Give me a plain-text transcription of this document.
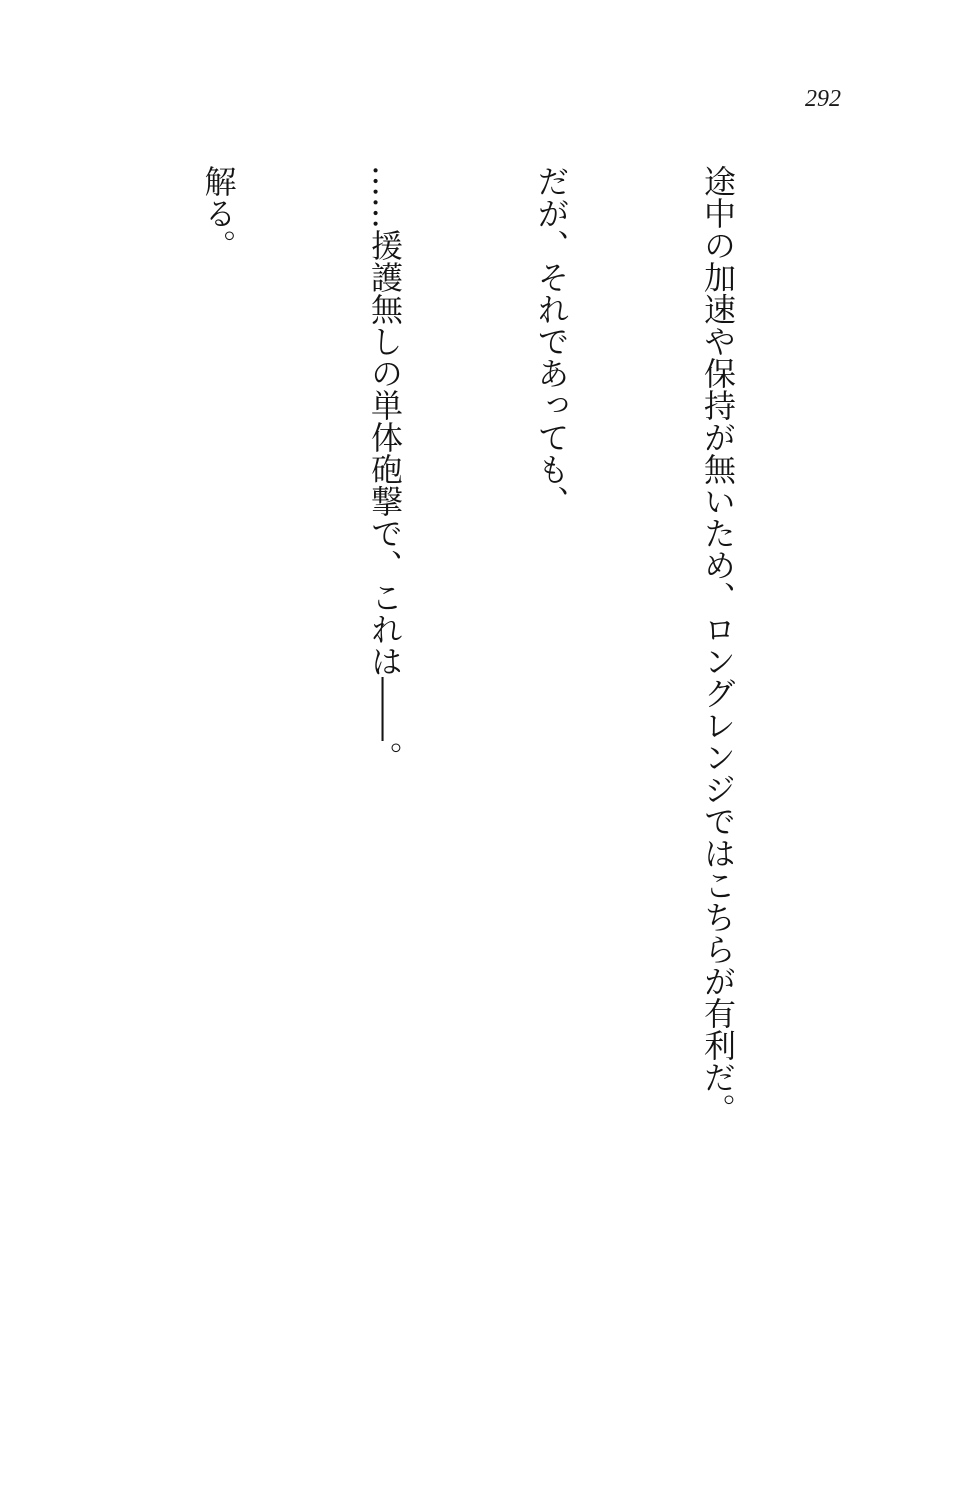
292

途中の加速や保持が無いため、ロングレンジではこちらが有利だ。

だが、それであっても、

……援護無しの単体砲撃で、これは――。

解る。
